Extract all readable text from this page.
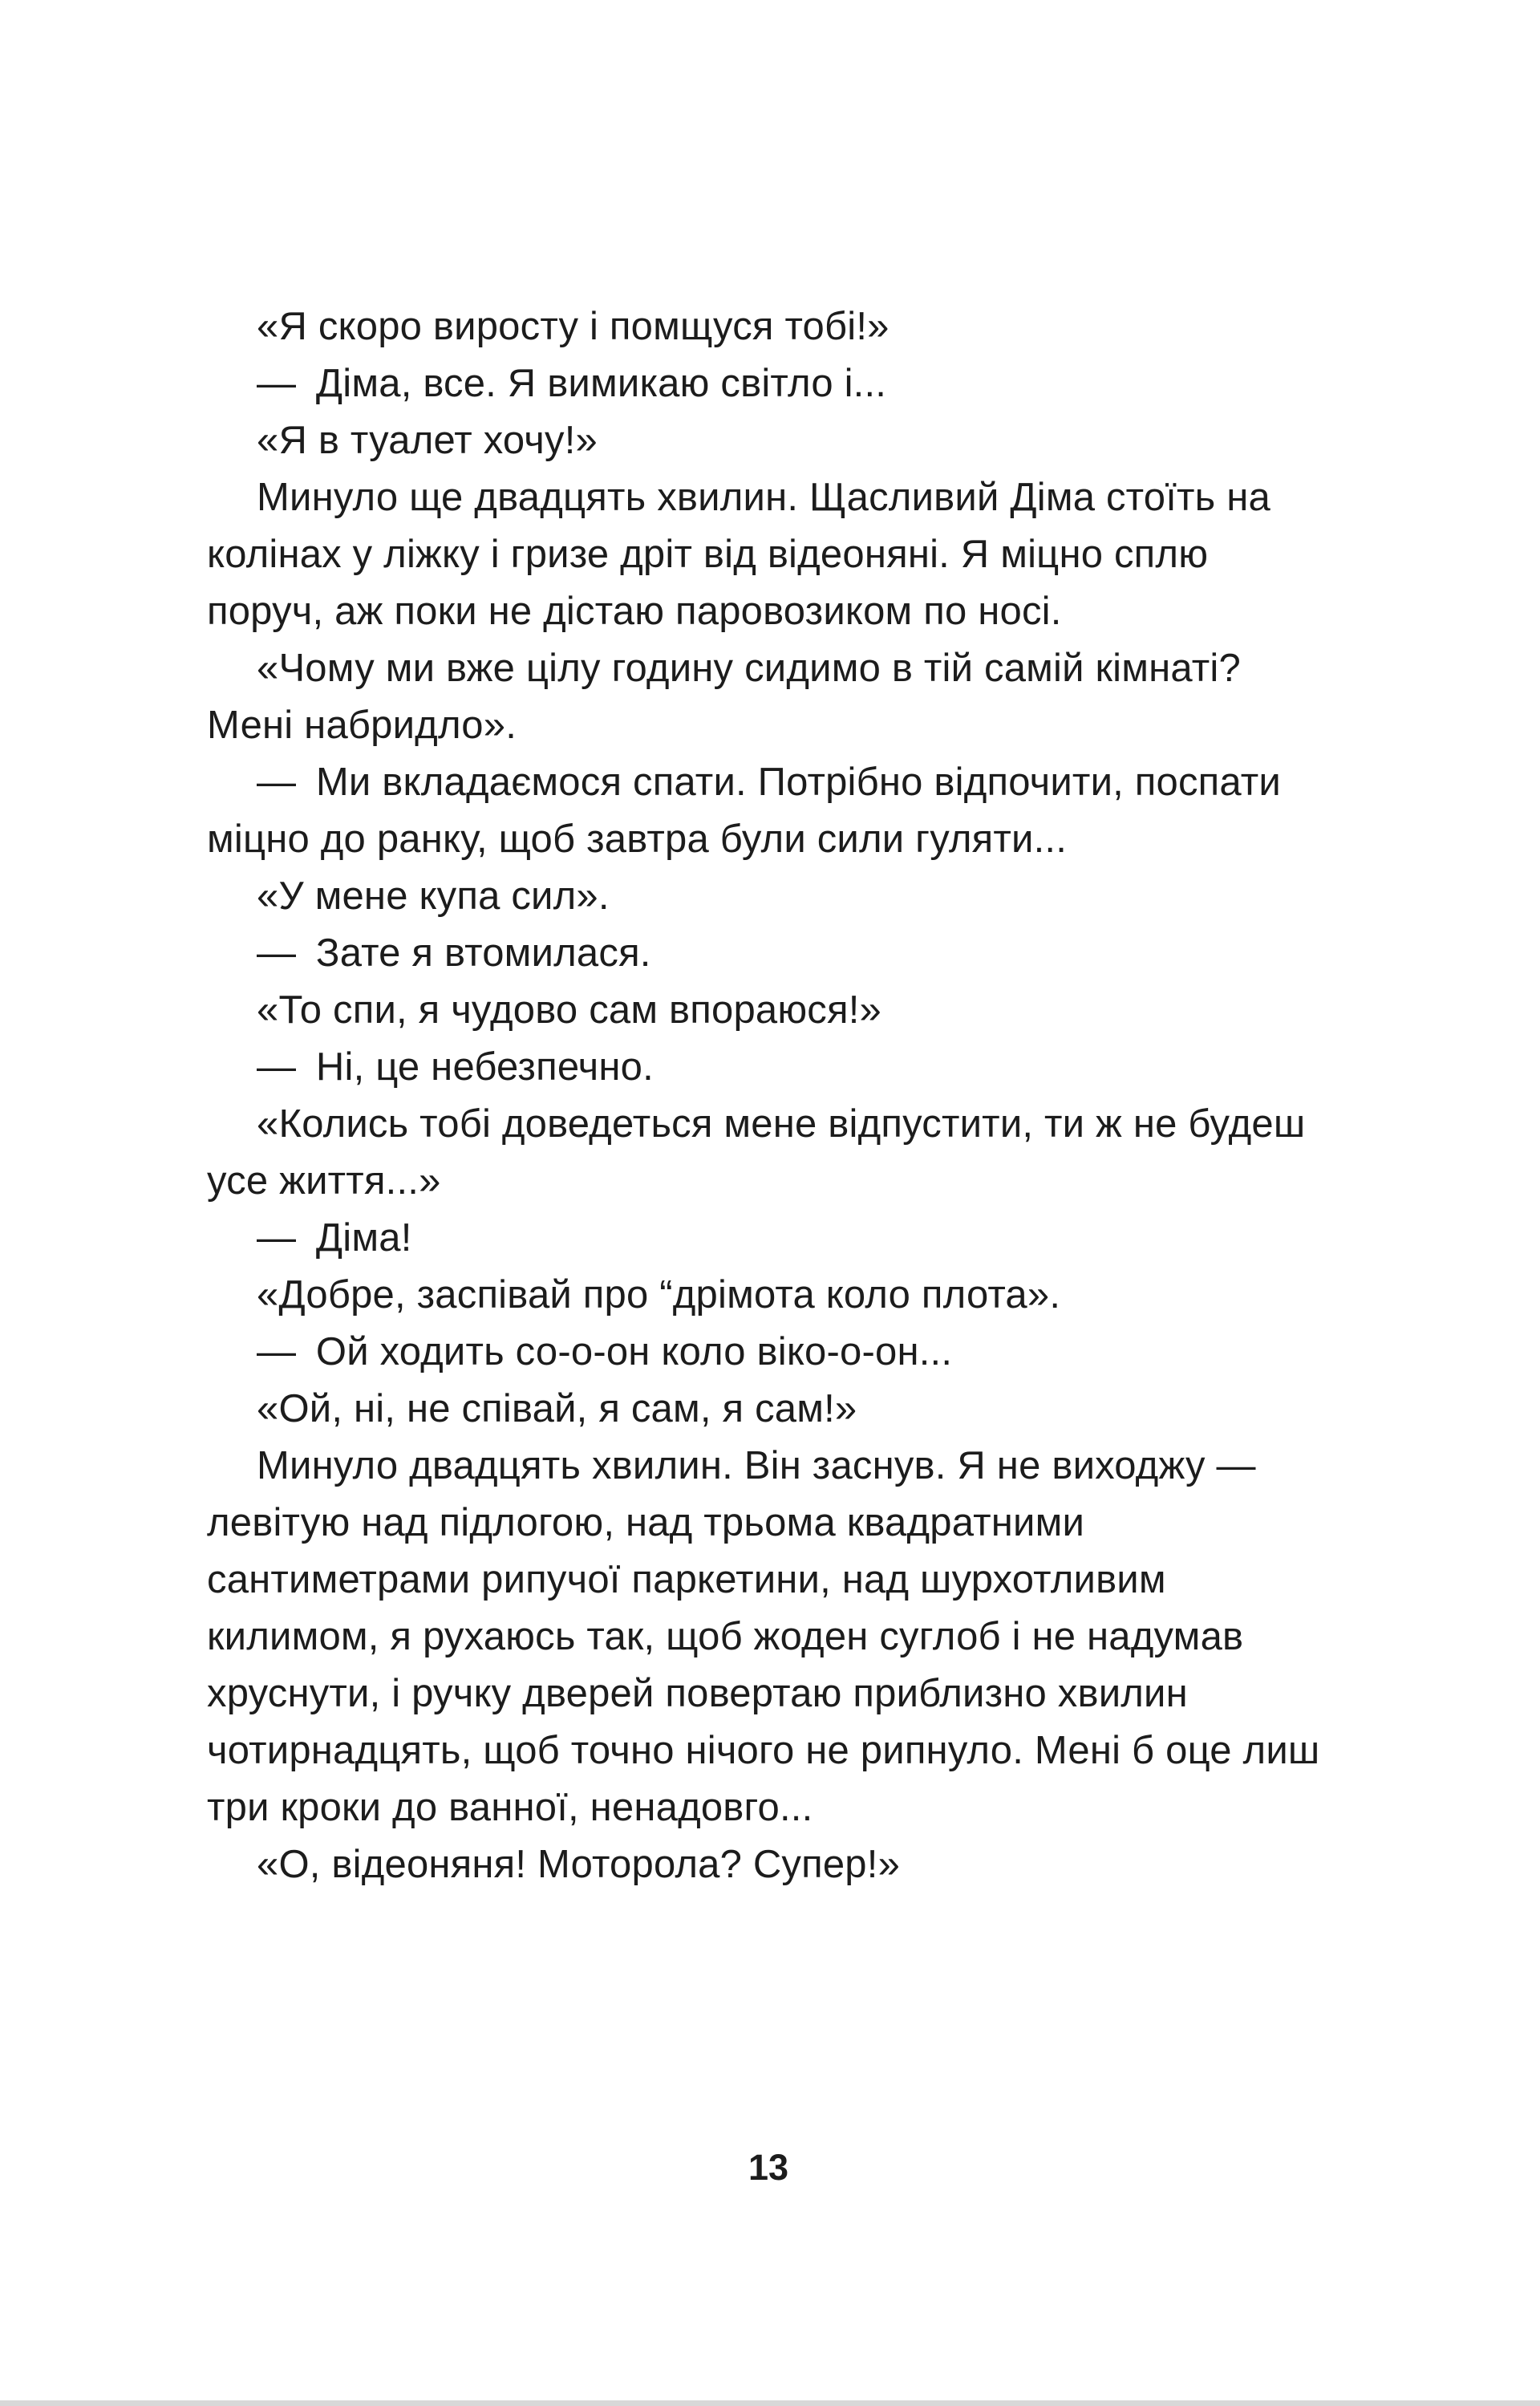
«Я скоро виросту і помщуся тобі!»

— Діма, все. Я вимикаю світло і...

«Я в туалет хочу!»

Минуло ще двадцять хвилин. Щасливий Діма стоїть на колінах у ліжку і гризе дріт від відеоняні. Я міцно сплю поруч, аж поки не дістаю паровозиком по носі.

«Чому ми вже цілу годину сидимо в тій самій кімнаті? Мені набридло».

— Ми вкладаємося спати. Потрібно відпочити, поспати міцно до ранку, щоб завтра були сили гуляти...

«У мене купа сил».

— Зате я втомилася.

«То спи, я чудово сам впораюся!»

— Ні, це небезпечно.

«Колись тобі доведеться мене відпустити, ти ж не будеш усе життя...»

— Діма!

«Добре, заспівай про “дрімота коло плота».

— Ой ходить со-о-он коло віко-о-он...

«Ой, ні, не співай, я сам, я сам!»

Минуло двадцять хвилин. Він заснув. Я не виходжу — левітую над підлогою, над трьома квадратними сантиметрами рипучої паркетини, над шурхотливим килимом, я рухаюсь так, щоб жоден суглоб і не надумав хруснути, і ручку дверей повертаю приблизно хвилин чотирнадцять, щоб точно нічого не рипнуло. Мені б оце лиш три кроки до ванної, ненадовго...

«О, відеоняня! Моторола? Супер!»

13
